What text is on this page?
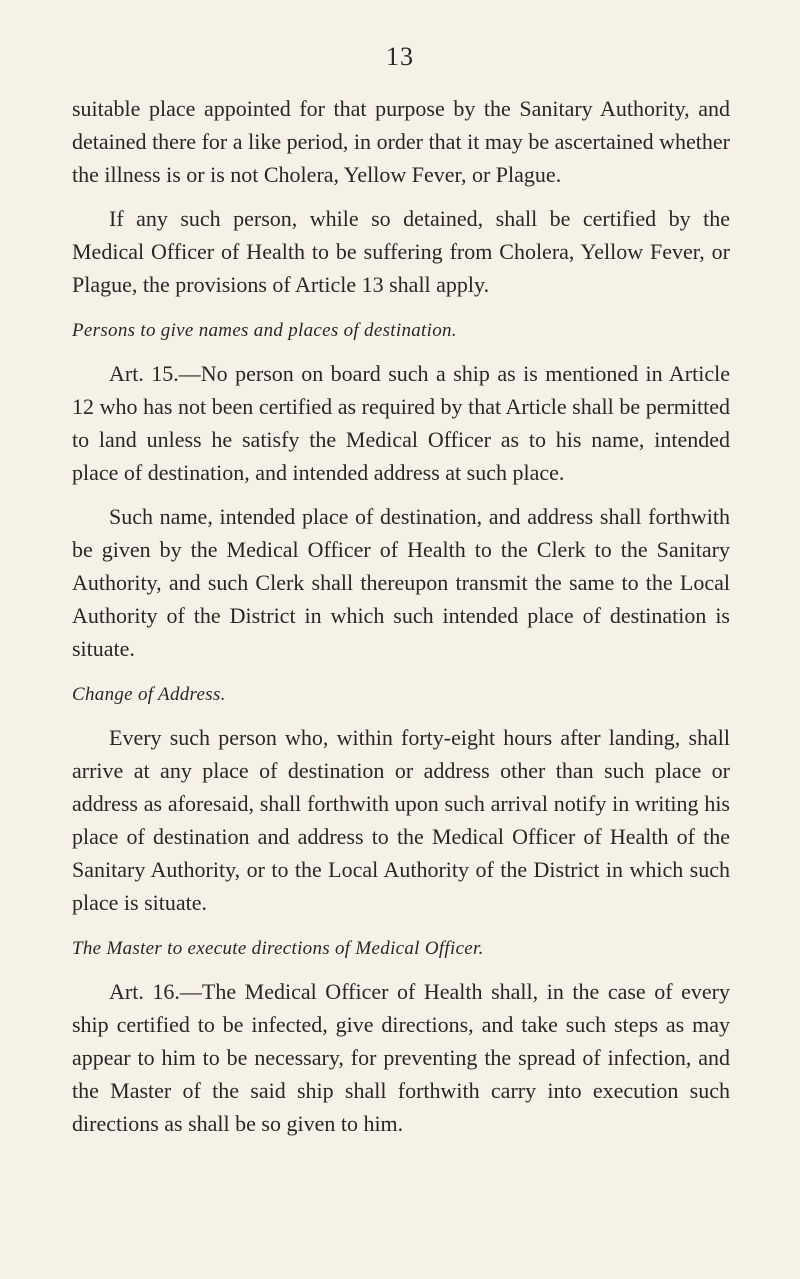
13

suitable place appointed for that purpose by the Sanitary Authority, and detained there for a like period, in order that it may be ascertained whether the illness is or is not Cholera, Yellow Fever, or Plague.

If any such person, while so detained, shall be certified by the Medical Officer of Health to be suffering from Cholera, Yellow Fever, or Plague, the provisions of Article 13 shall apply.

Persons to give names and places of destination.

Art. 15.—No person on board such a ship as is mentioned in Article 12 who has not been certified as required by that Article shall be permitted to land unless he satisfy the Medical Officer as to his name, intended place of destination, and intended address at such place.

Such name, intended place of destination, and address shall forthwith be given by the Medical Officer of Health to the Clerk to the Sanitary Authority, and such Clerk shall thereupon transmit the same to the Local Authority of the District in which such intended place of destination is situate.

Change of Address.

Every such person who, within forty-eight hours after landing, shall arrive at any place of destination or address other than such place or address as aforesaid, shall forthwith upon such arrival notify in writing his place of destination and address to the Medical Officer of Health of the Sanitary Authority, or to the Local Authority of the District in which such place is situate.

The Master to execute directions of Medical Officer.

Art. 16.—The Medical Officer of Health shall, in the case of every ship certified to be infected, give directions, and take such steps as may appear to him to be necessary, for preventing the spread of infection, and the Master of the said ship shall forthwith carry into execution such directions as shall be so given to him.
